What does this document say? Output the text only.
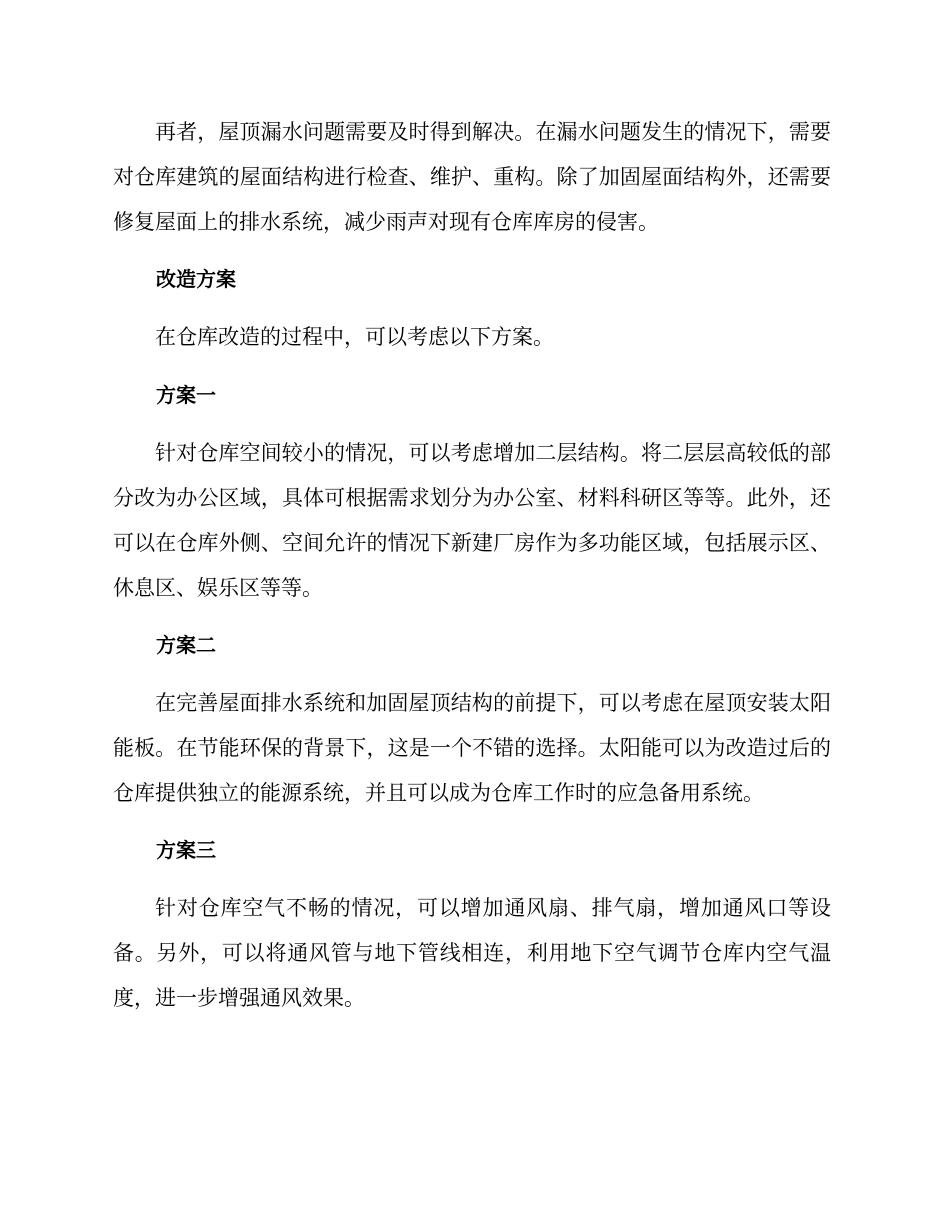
再者，屋顶漏水问题需要及时得到解决。在漏水问题发生的情况下，需要对仓库建筑的屋面结构进行检查、维护、重构。除了加固屋面结构外，还需要修复屋面上的排水系统，减少雨声对现有仓库库房的侵害。

改造方案

在仓库改造的过程中，可以考虑以下方案。

方案一

针对仓库空间较小的情况，可以考虑增加二层结构。将二层层高较低的部分改为办公区域，具体可根据需求划分为办公室、材料科研区等等。此外，还可以在仓库外侧、空间允许的情况下新建厂房作为多功能区域，包括展示区、休息区、娱乐区等等。

方案二

在完善屋面排水系统和加固屋顶结构的前提下，可以考虑在屋顶安装太阳能板。在节能环保的背景下，这是一个不错的选择。太阳能可以为改造过后的仓库提供独立的能源系统，并且可以成为仓库工作时的应急备用系统。

方案三

针对仓库空气不畅的情况，可以增加通风扇、排气扇，增加通风口等设备。另外，可以将通风管与地下管线相连，利用地下空气调节仓库内空气温度，进一步增强通风效果。
